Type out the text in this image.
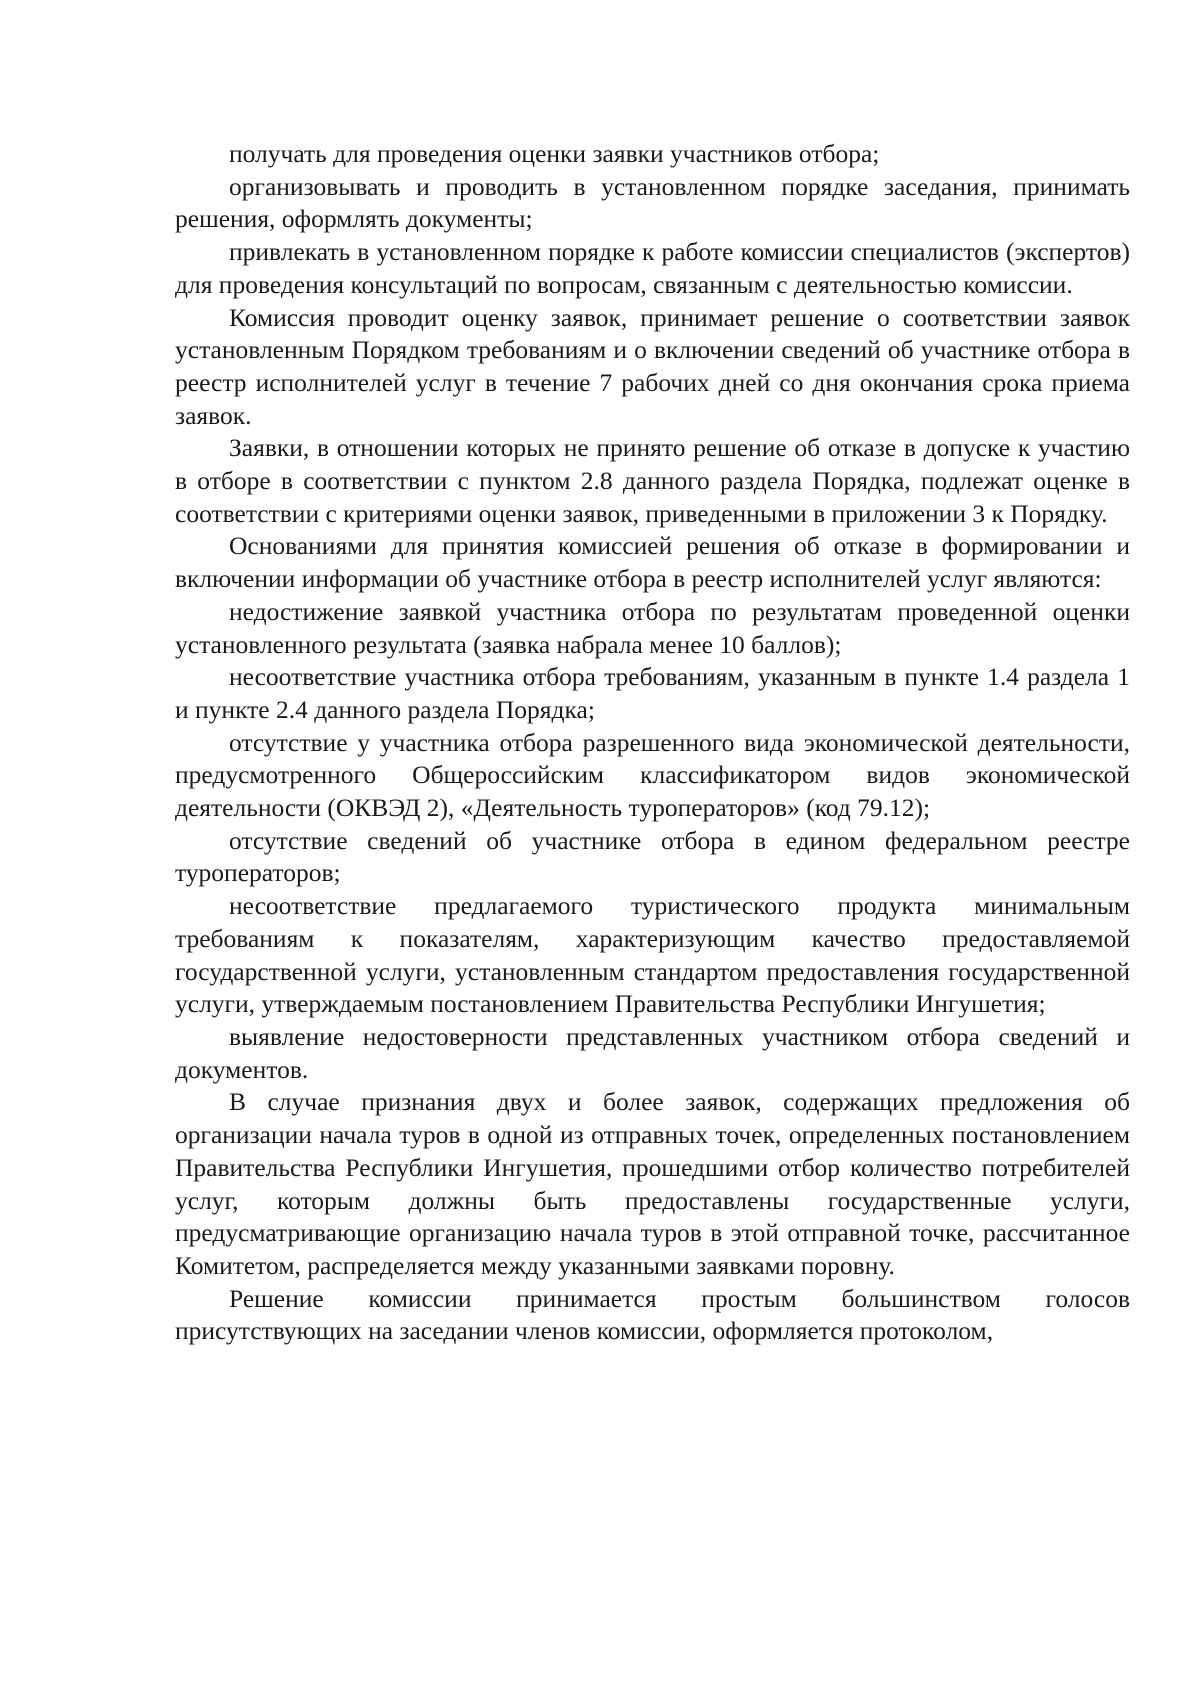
получать для проведения оценки заявки участников отбора;

организовывать и проводить в установленном порядке заседания, принимать решения, оформлять документы;

привлекать в установленном порядке к работе комиссии специалистов (экспертов) для проведения консультаций по вопросам, связанным с деятельностью комиссии.

Комиссия проводит оценку заявок, принимает решение о соответствии заявок установленным Порядком требованиям и о включении сведений об участнике отбора в реестр исполнителей услуг в течение 7 рабочих дней со дня окончания срока приема заявок.

Заявки, в отношении которых не принято решение об отказе в допуске к участию в отборе в соответствии с пунктом 2.8 данного раздела Порядка, подлежат оценке в соответствии с критериями оценки заявок, приведенными в приложении 3 к Порядку.

Основаниями для принятия комиссией решения об отказе в формировании и включении информации об участнике отбора в реестр исполнителей услуг являются:

недостижение заявкой участника отбора по результатам проведенной оценки установленного результата (заявка набрала менее 10 баллов);

несоответствие участника отбора требованиям, указанным в пункте 1.4 раздела 1 и пункте 2.4 данного раздела Порядка;

отсутствие у участника отбора разрешенного вида экономической деятельности, предусмотренного Общероссийским классификатором видов экономической деятельности (ОКВЭД 2), «Деятельность туроператоров» (код 79.12);

отсутствие сведений об участнике отбора в едином федеральном реестре туроператоров;

несоответствие предлагаемого туристического продукта минимальным требованиям к показателям, характеризующим качество предоставляемой государственной услуги, установленным стандартом предоставления государственной услуги, утверждаемым постановлением Правительства Республики Ингушетия;

выявление недостоверности представленных участником отбора сведений и документов.

В случае признания двух и более заявок, содержащих предложения об организации начала туров в одной из отправных точек, определенных постановлением Правительства Республики Ингушетия, прошедшими отбор количество потребителей услуг, которым должны быть предоставлены государственные услуги, предусматривающие организацию начала туров в этой отправной точке, рассчитанное Комитетом, распределяется между указанными заявками поровну.

Решение комиссии принимается простым большинством голосов присутствующих на заседании членов комиссии, оформляется протоколом,
